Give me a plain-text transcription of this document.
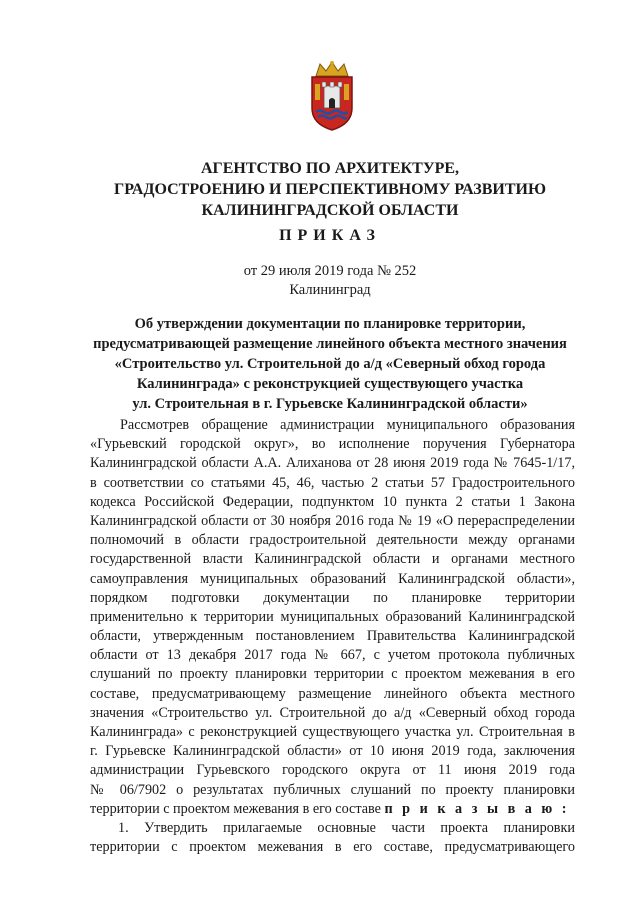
АГЕНТСТВО ПО АРХИТЕКТУРЕ,
ГРАДОСТРОЕНИЮ И ПЕРСПЕКТИВНОМУ РАЗВИТИЮ
КАЛИНИНГРАДСКОЙ ОБЛАСТИ
ПРИКАЗ
от 29 июля 2019 года № 252
Калининград
Об утверждении документации по планировке территории,
предусматривающей размещение линейного объекта местного значения
«Строительство ул. Строительной до а/д «Северный обход города
Калининграда» с реконструкцией существующего участка
ул. Строительная в г. Гурьевске Калининградской области»
Рассмотрев обращение администрации муниципального образования
«Гурьевский городской округ», во исполнение поручения Губернатора
Калининградской области А.А. Алиханова от 28 июня 2019 года № 7645-1/17,
в соответствии со статьями 45, 46, частью 2 статьи 57 Градостроительного
кодекса Российской Федерации, подпунктом 10 пункта 2 статьи 1 Закона
Калининградской области от 30 ноября 2016 года № 19 «О перераспределении
полномочий в области градостроительной деятельности между органами
государственной власти Калининградской области и органами местного
самоуправления муниципальных образований Калининградской области»,
порядком подготовки документации по планировке территории
применительно к территории муниципальных образований Калининградской
области, утвержденным постановлением Правительства Калининградской
области от 13 декабря 2017 года № 667, с учетом протокола публичных
слушаний по проекту планировки территории с проектом межевания в его
составе, предусматривающему размещение линейного объекта местного
значения «Строительство ул. Строительной до а/д «Северный обход города
Калининграда» с реконструкцией существующего участка ул. Строительная в
г. Гурьевске Калининградской области» от 10 июня 2019 года, заключения
администрации Гурьевского городского округа от 11 июня 2019 года
№ 06/7902 о результатах публичных слушаний по проекту планировки
территории с проектом межевания в его составе п р и к а з ы в а ю :
1. Утвердить прилагаемые основные части проекта планировки
территории с проектом межевания в его составе, предусматривающего
